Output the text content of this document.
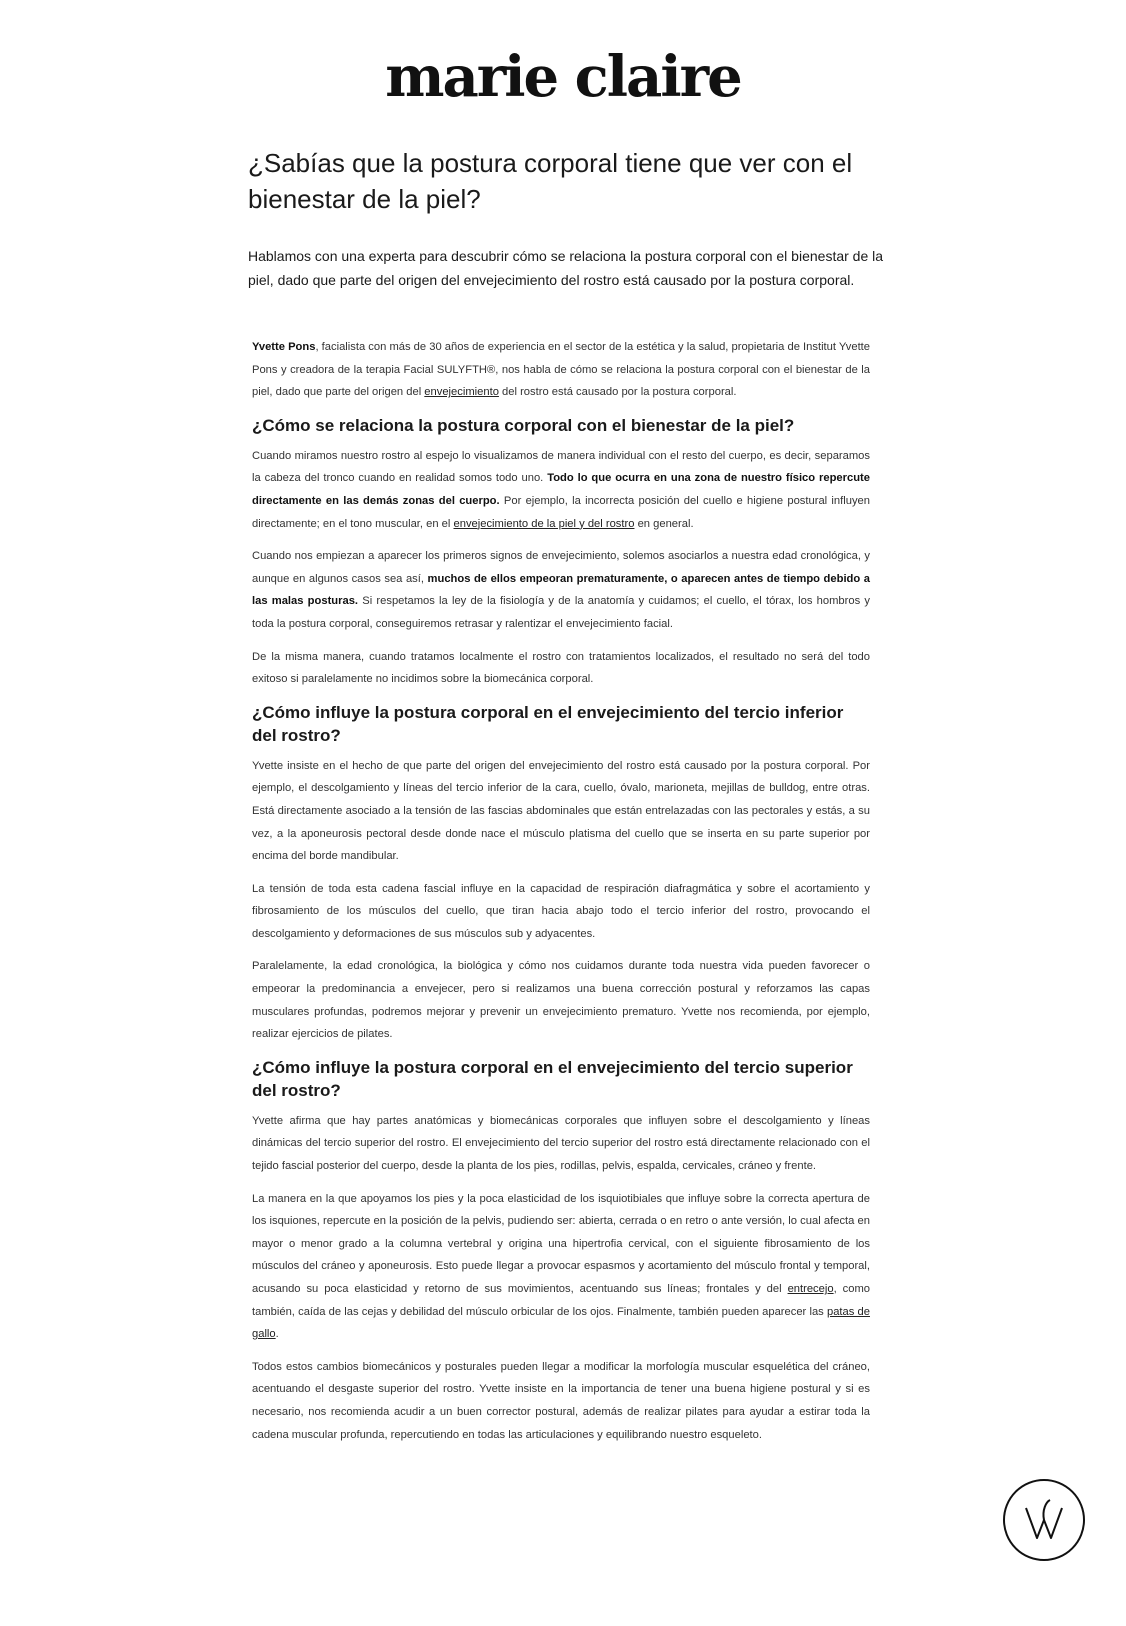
marie claire
¿Sabías que la postura corporal tiene que ver con el bienestar de la piel?

Hablamos con una experta para descubrir cómo se relaciona la postura corporal con el bienestar de la piel, dado que parte del origen del envejecimiento del rostro está causado por la postura corporal.

Yvette Pons, facialista con más de 30 años de experiencia en el sector de la estética y la salud, propietaria de Institut Yvette Pons y creadora de la terapia Facial SULYFTH®, nos habla de cómo se relaciona la postura corporal con el bienestar de la piel, dado que parte del origen del envejecimiento del rostro está causado por la postura corporal.

¿Cómo se relaciona la postura corporal con el bienestar de la piel?

Cuando miramos nuestro rostro al espejo lo visualizamos de manera individual con el resto del cuerpo, es decir, separamos la cabeza del tronco cuando en realidad somos todo uno. Todo lo que ocurra en una zona de nuestro físico repercute directamente en las demás zonas del cuerpo. Por ejemplo, la incorrecta posición del cuello e higiene postural influyen directamente; en el tono muscular, en el envejecimiento de la piel y del rostro en general.

Cuando nos empiezan a aparecer los primeros signos de envejecimiento, solemos asociarlos a nuestra edad cronológica, y aunque en algunos casos sea así, muchos de ellos empeoran prematuramente, o aparecen antes de tiempo debido a las malas posturas. Si respetamos la ley de la fisiología y de la anatomía y cuidamos; el cuello, el tórax, los hombros y toda la postura corporal, conseguiremos retrasar y ralentizar el envejecimiento facial.

De la misma manera, cuando tratamos localmente el rostro con tratamientos localizados, el resultado no será del todo exitoso si paralelamente no incidimos sobre la biomecánica corporal.

¿Cómo influye la postura corporal en el envejecimiento del tercio inferior del rostro?

Yvette insiste en el hecho de que parte del origen del envejecimiento del rostro está causado por la postura corporal. Por ejemplo, el descolgamiento y líneas del tercio inferior de la cara, cuello, óvalo, marioneta, mejillas de bulldog, entre otras. Está directamente asociado a la tensión de las fascias abdominales que están entrelazadas con las pectorales y estás, a su vez, a la aponeurosis pectoral desde donde nace el músculo platisma del cuello que se inserta en su parte superior por encima del borde mandibular.

La tensión de toda esta cadena fascial influye en la capacidad de respiración diafragmática y sobre el acortamiento y fibrosamiento de los músculos del cuello, que tiran hacia abajo todo el tercio inferior del rostro, provocando el descolgamiento y deformaciones de sus músculos sub y adyacentes.

Paralelamente, la edad cronológica, la biológica y cómo nos cuidamos durante toda nuestra vida pueden favorecer o empeorar la predominancia a envejecer, pero si realizamos una buena corrección postural y reforzamos las capas musculares profundas, podremos mejorar y prevenir un envejecimiento prematuro. Yvette nos recomienda, por ejemplo, realizar ejercicios de pilates.

¿Cómo influye la postura corporal en el envejecimiento del tercio superior del rostro?

Yvette afirma que hay partes anatómicas y biomecánicas corporales que influyen sobre el descolgamiento y líneas dinámicas del tercio superior del rostro. El envejecimiento del tercio superior del rostro está directamente relacionado con el tejido fascial posterior del cuerpo, desde la planta de los pies, rodillas, pelvis, espalda, cervicales, cráneo y frente.

La manera en la que apoyamos los pies y la poca elasticidad de los isquiotibiales que influye sobre la correcta apertura de los isquiones, repercute en la posición de la pelvis, pudiendo ser: abierta, cerrada o en retro o ante versión, lo cual afecta en mayor o menor grado a la columna vertebral y origina una hipertrofia cervical, con el siguiente fibrosamiento de los músculos del cráneo y aponeurosis. Esto puede llegar a provocar espasmos y acortamiento del músculo frontal y temporal, acusando su poca elasticidad y retorno de sus movimientos, acentuando sus líneas; frontales y del entrecejo, como también, caída de las cejas y debilidad del músculo orbicular de los ojos. Finalmente, también pueden aparecer las patas de gallo.

Todos estos cambios biomecánicos y posturales pueden llegar a modificar la morfología muscular esquelética del cráneo, acentuando el desgaste superior del rostro. Yvette insiste en la importancia de tener una buena higiene postural y si es necesario, nos recomienda acudir a un buen corrector postural, además de realizar pilates para ayudar a estirar toda la cadena muscular profunda, repercutiendo en todas las articulaciones y equilibrando nuestro esqueleto.
